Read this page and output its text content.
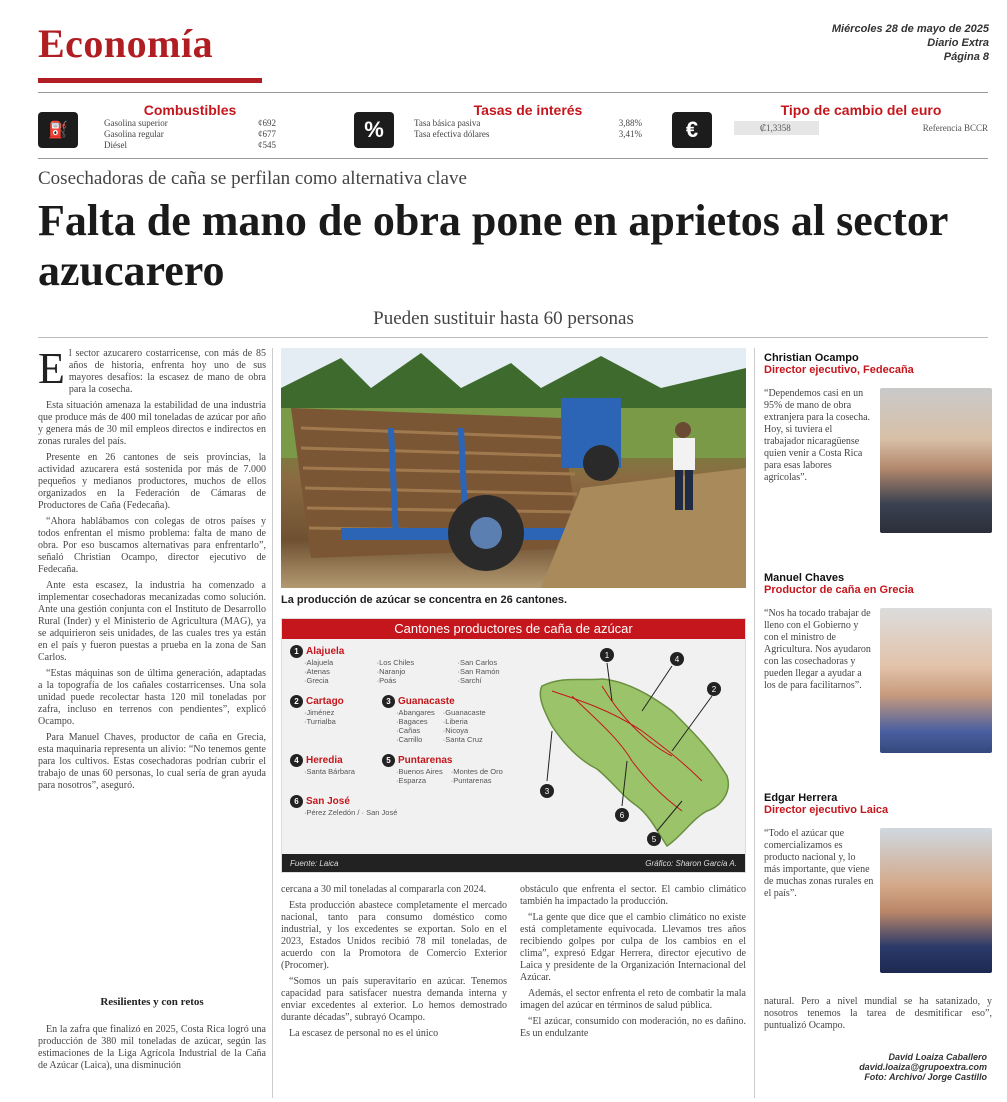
Economía	Miércoles 28 de mayo de 2025
Diario Extra
Página 8
⛽
Combustibles
Gasolina superior	¢692
Gasolina regular	¢677
Diésel	¢545
%
Tasas de interés
Tasa básica pasiva	3,88%
Tasa efectiva dólares	3,41%	€
Tipo de cambio del euro
₡1,3358	Referencia BCCR
Cosechadoras de caña se perfilan como alternativa clave
Falta de mano de obra pone en aprietos al sector azucarero
Pueden sustituir hasta 60 personas
E l sector azucarero costarricense, con más de 85 años de historia, enfrenta hoy uno de sus mayores desafíos: la escasez de mano de obra para la cosecha.

Esta situación amenaza la estabilidad de una industria que produce más de 400 mil toneladas de azúcar por año y genera más de 30 mil empleos directos e indirectos en zonas rurales del país.

Presente en 26 cantones de seis provincias, la actividad azucarera está sostenida por más de 7.000 pequeños y medianos productores, muchos de ellos organizados en la Federación de Cámaras de Productores de Caña (Fedecaña).

“Ahora hablábamos con colegas de otros países y todos enfrentan el mismo problema: falta de mano de obra. Por eso buscamos alternativas para enfrentarlo”, señaló Christian Ocampo, director ejecutivo de Fedecaña.

Ante esta escasez, la industria ha comenzado a implementar cosechadoras mecanizadas como solución. Ante una gestión conjunta con el Instituto de Desarrollo Rural (Inder) y el Ministerio de Agricultura (MAG), ya se adquirieron seis unidades, de las cuales tres ya están en el país y fueron puestas a prueba en la zona de San Carlos.

“Estas máquinas son de última generación, adaptadas a la topografía de los cañales costarricenses. Una sola unidad puede recolectar hasta 120 mil toneladas por zafra, incluso en terrenos con pendientes”, explicó Ocampo.

Para Manuel Chaves, productor de caña en Grecia, esta maquinaria representa un alivio: “No tenemos gente para los cultivos. Estas cosechadoras podrían cubrir el trabajo de unas 60 personas, lo cual sería de gran ayuda para nosotros”, aseguró.

Resilientes y con retos

En la zafra que finalizó en 2025, Costa Rica logró una producción de 380 mil toneladas de azúcar, según las estimaciones de la Liga Agrícola Industrial de la Caña de Azúcar (Laica), una disminución

La producción de azúcar se concentra en 26 cantones.
Cantones productores de caña de azúcar
1 Alajuela
·Alajuela	·Los Chiles	·San Carlos
·Atenas	·Naranjo	·San Ramón
·Grecia	·Poás	·Sarchí
2 Cartago
·Jiménez
·Turrialba
3 Guanacaste
·Abangares ·Guanacaste
·Bagaces	·Liberia
·Cañas	·Nicoya
·Carrillo	·Santa Cruz
4 Heredia
·Santa Bárbara
5 Puntarenas
·Buenos Aires ·Montes de Oro
·Esparza	·Puntarenas
6 San José
·Pérez Zeledón / · San José
1	4
2
3
6
5
Fuente: Laica	Gráfico: Sharon García A.

cercana a 30 mil toneladas al compararla con 2024.

Esta producción abastece completamente el mercado nacional, tanto para consumo doméstico como industrial, y los excedentes se exportan. Solo en el 2023, Estados Unidos recibió 78 mil toneladas, de acuerdo con la Promotora de Comercio Exterior (Procomer).

“Somos un país superavitario en azúcar. Tenemos capacidad para satisfacer nuestra demanda interna y enviar excedentes al exterior. Lo hemos demostrado durante décadas”, subrayó Ocampo.

La escasez de personal no es el único

obstáculo que enfrenta el sector. El cambio climático también ha impactado la producción.

“La gente que dice que el cambio climático no existe está completamente equivocada. Llevamos tres años recibiendo golpes por culpa de los cambios en el clima”, expresó Edgar Herrera, director ejecutivo de Laica y presidente de la Organización Internacional del Azúcar.

Además, el sector enfrenta el reto de combatir la mala imagen del azúcar en términos de salud pública.

“El azúcar, consumido con moderación, no es dañino. Es un endulzante

Christian Ocampo
Director ejecutivo, Fedecaña
“Dependemos casi en un 95% de mano de obra extranjera para la cosecha. Hoy, si tuviera el trabajador nicaragüense quien venir a Costa Rica para esas labores agrícolas”.
Manuel Chaves
Productor de caña en Grecia
“Nos ha tocado trabajar de lleno con el Gobierno y con el ministro de Agricultura. Nos ayudaron con las cosechadoras y pueden llegar a ayudar a los de para facilitarnos”.
Edgar Herrera
Director ejecutivo Laica
“Todo el azúcar que comercializamos es producto nacional y, lo más importante, que viene de muchas zonas rurales en el país”.

natural. Pero a nivel mundial se ha satanizado, y nosotros tenemos la tarea de desmitificar eso”, puntualizó Ocampo.

David Loaiza Caballero
david.loaiza@grupoextra.com
Foto: Archivo/ Jorge Castillo
